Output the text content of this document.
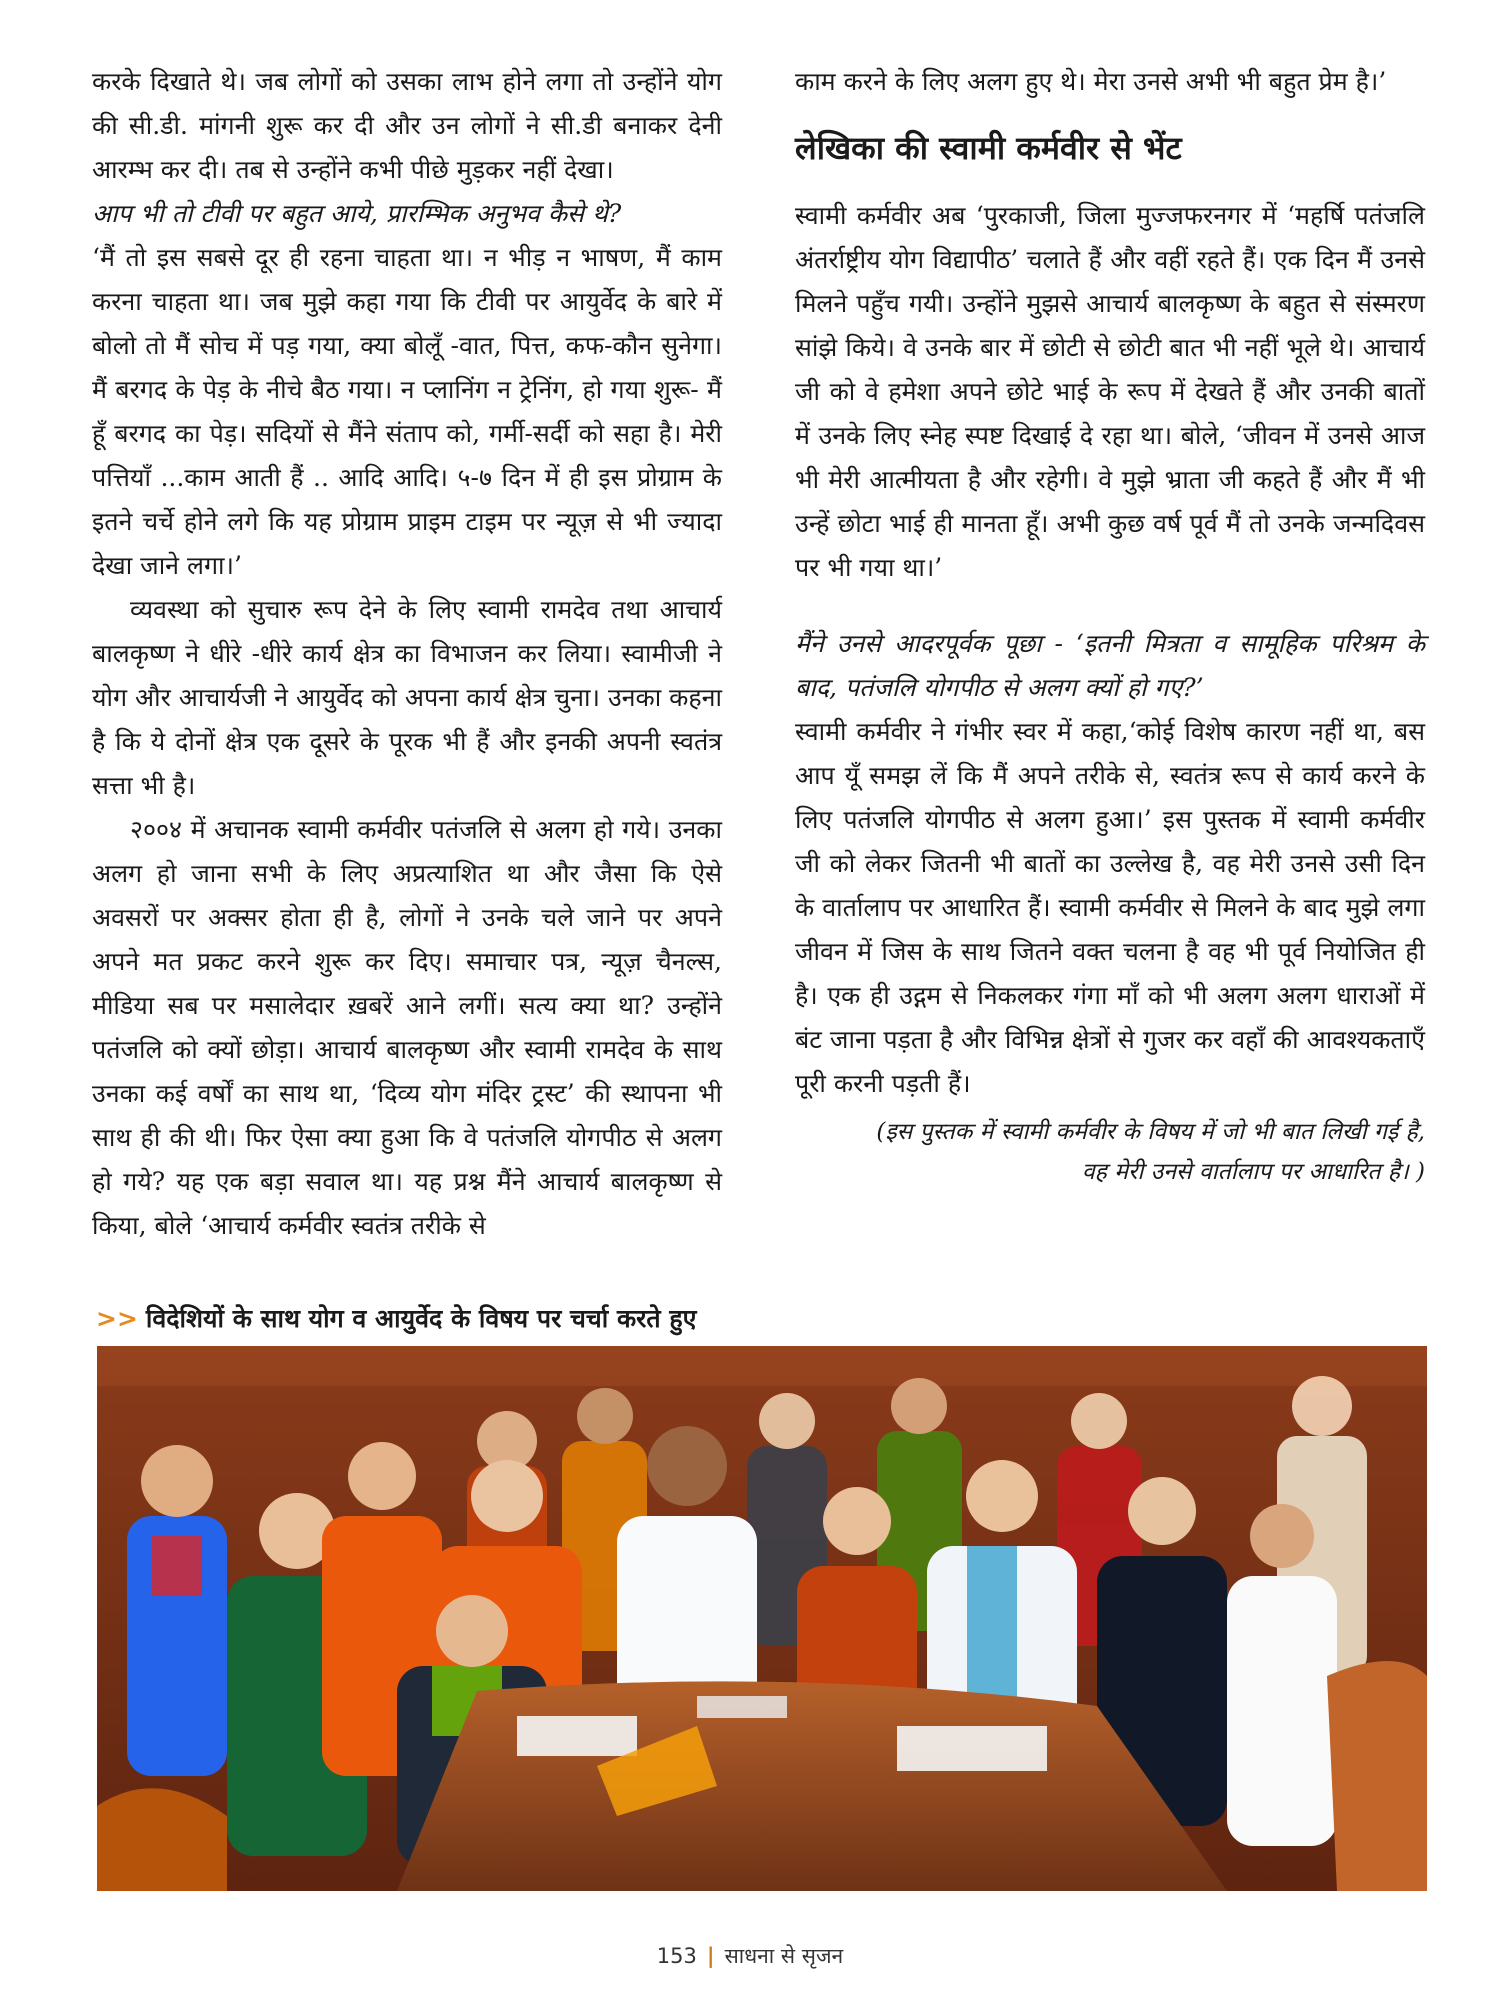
करके दिखाते थे। जब लोगों को उसका लाभ होने लगा तो उन्होंने योग की सी.डी. मांगनी शुरू कर दी और उन लोगों ने सी.डी बनाकर देनी आरम्भ कर दी। तब से उन्होंने कभी पीछे मुड़कर नहीं देखा।

आप भी तो टीवी पर बहुत आये, प्रारम्भिक अनुभव कैसे थे?

‘मैं तो इस सबसे दूर ही रहना चाहता था। न भीड़ न भाषण, मैं काम करना चाहता था। जब मुझे कहा गया कि टीवी पर आयुर्वेद के बारे में बोलो तो मैं सोच में पड़ गया, क्या बोलूँ -वात, पित्त, कफ-कौन सुनेगा। मैं बरगद के पेड़ के नीचे बैठ गया। न प्लानिंग न ट्रेनिंग, हो गया शुरू- मैं हूँ बरगद का पेड़। सदियों से मैंने संताप को, गर्मी-सर्दी को सहा है। मेरी पत्तियाँ ...काम आती हैं .. आदि आदि। ५-७ दिन में ही इस प्रोग्राम के इतने चर्चे होने लगे कि यह प्रोग्राम प्राइम टाइम पर न्यूज़ से भी ज्यादा देखा जाने लगा।’

व्यवस्था को सुचारु रूप देने के लिए स्वामी रामदेव तथा आचार्य बालकृष्ण ने धीरे -धीरे कार्य क्षेत्र का विभाजन कर लिया। स्वामीजी ने योग और आचार्यजी ने आयुर्वेद को अपना कार्य क्षेत्र चुना। उनका कहना है कि ये दोनों क्षेत्र एक दूसरे के पूरक भी हैं और इनकी अपनी स्वतंत्र सत्ता भी है।

२००४ में अचानक स्वामी कर्मवीर पतंजलि से अलग हो गये। उनका अलग हो जाना सभी के लिए अप्रत्याशित था और जैसा कि ऐसे अवसरों पर अक्सर होता ही है, लोगों ने उनके चले जाने पर अपने अपने मत प्रकट करने शुरू कर दिए। समाचार पत्र, न्यूज़ चैनल्स, मीडिया सब पर मसालेदार ख़बरें आने लगीं। सत्य क्या था? उन्होंने पतंजलि को क्यों छोड़ा। आचार्य बालकृष्ण और स्वामी रामदेव के साथ उनका कई वर्षों का साथ था, ‘दिव्य योग मंदिर ट्रस्ट’ की स्थापना भी साथ ही की थी। फिर ऐसा क्या हुआ कि वे पतंजलि योगपीठ से अलग हो गये? यह एक बड़ा सवाल था। यह प्रश्न मैंने आचार्य बालकृष्ण से किया, बोले ‘आचार्य कर्मवीर स्वतंत्र तरीके से

काम करने के लिए अलग हुए थे। मेरा उनसे अभी भी बहुत प्रेम है।’

लेखिका की स्वामी कर्मवीर से भेंट

स्वामी कर्मवीर अब ‘पुरकाजी, जिला मुज्जफरनगर में ‘महर्षि पतंजलि अंतर्राष्ट्रीय योग विद्यापीठ’ चलाते हैं और वहीं रहते हैं। एक दिन मैं उनसे मिलने पहुँच गयी। उन्होंने मुझसे आचार्य बालकृष्ण के बहुत से संस्मरण सांझे किये। वे उनके बार में छोटी से छोटी बात भी नहीं भूले थे। आचार्य जी को वे हमेशा अपने छोटे भाई के रूप में देखते हैं और उनकी बातों में उनके लिए स्नेह स्पष्ट दिखाई दे रहा था। बोले, ‘जीवन में उनसे आज भी मेरी आत्मीयता है और रहेगी। वे मुझे भ्राता जी कहते हैं और मैं भी उन्हें छोटा भाई ही मानता हूँ। अभी कुछ वर्ष पूर्व मैं तो उनके जन्मदिवस पर भी गया था।’

मैंने उनसे आदरपूर्वक पूछा - ‘इतनी मित्रता व सामूहिक परिश्रम के बाद, पतंजलि योगपीठ से अलग क्यों हो गए?’

स्वामी कर्मवीर ने गंभीर स्वर में कहा,‘कोई विशेष कारण नहीं था, बस आप यूँ समझ लें कि मैं अपने तरीके से, स्वतंत्र रूप से कार्य करने के लिए पतंजलि योगपीठ से अलग हुआ।’ इस पुस्तक में स्वामी कर्मवीर जी को लेकर जितनी भी बातों का उल्लेख है, वह मेरी उनसे उसी दिन के वार्तालाप पर आधारित हैं। स्वामी कर्मवीर से मिलने के बाद मुझे लगा जीवन में जिस के साथ जितने वक्त चलना है वह भी पूर्व नियोजित ही है। एक ही उद्गम से निकलकर गंगा माँ को भी अलग अलग धाराओं में बंट जाना पड़ता है और विभिन्न क्षेत्रों से गुजर कर वहाँ की आवश्यकताएँ पूरी करनी पड़ती हैं।

(इस पुस्तक में स्वामी कर्मवीर के विषय में जो भी बात लिखी गई है,
वह मेरी उनसे वार्तालाप पर आधारित है। )

>> विदेशियों के साथ योग व आयुर्वेद के विषय पर चर्चा करते हुए
153 | साधना से सृजन
